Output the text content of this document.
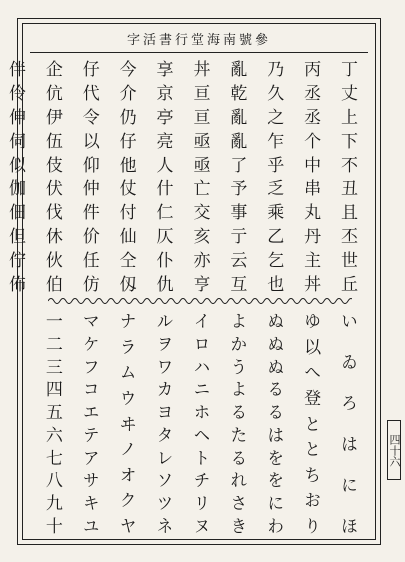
參號南海堂行書活字
丁
丈
上
下
不
丑
且
丕
世
丘
丙
丞
丞
个
中
串
丸
丹
主
丼
乃
久
之
乍
乎
乏
乘
乙
乞
也
亂
乾
亂
亂
了
予
事
亍
云
互
丼
亘
亘
亟
亟
亡
交
亥
亦
亨
享
京
亭
亮
人
什
仁
仄
仆
仇
今
介
仍
仔
他
仗
付
仙
仝
仭
仔
代
令
以
仰
仲
件
价
任
仿
企
伉
伊
伍
伎
伏
伐
休
伙
伯
伴
伶
伸
伺
似
伽
佃
但
佇
佈
い
ゐ
ろ
は
に
ほ
ゆ
以
へ
登
と
と
ち
お
り
ぬ
ぬ
ぬ
る
る
は
を
を
に
わ
よ
か
う
よ
る
た
る
れ
さ
き
イ
ロ
ハ
ニ
ホ
ヘ
ト
チ
リ
ヌ
ル
ヲ
ワ
カ
ヨ
タ
レ
ソ
ツ
ネ
ナ
ラ
ム
ウ
ヰ
ノ
オ
ク
ヤ
マ
ケ
フ
コ
エ
テ
ア
サ
キ
ユ
一
二
三
四
五
六
七
八
九
十
四十六
